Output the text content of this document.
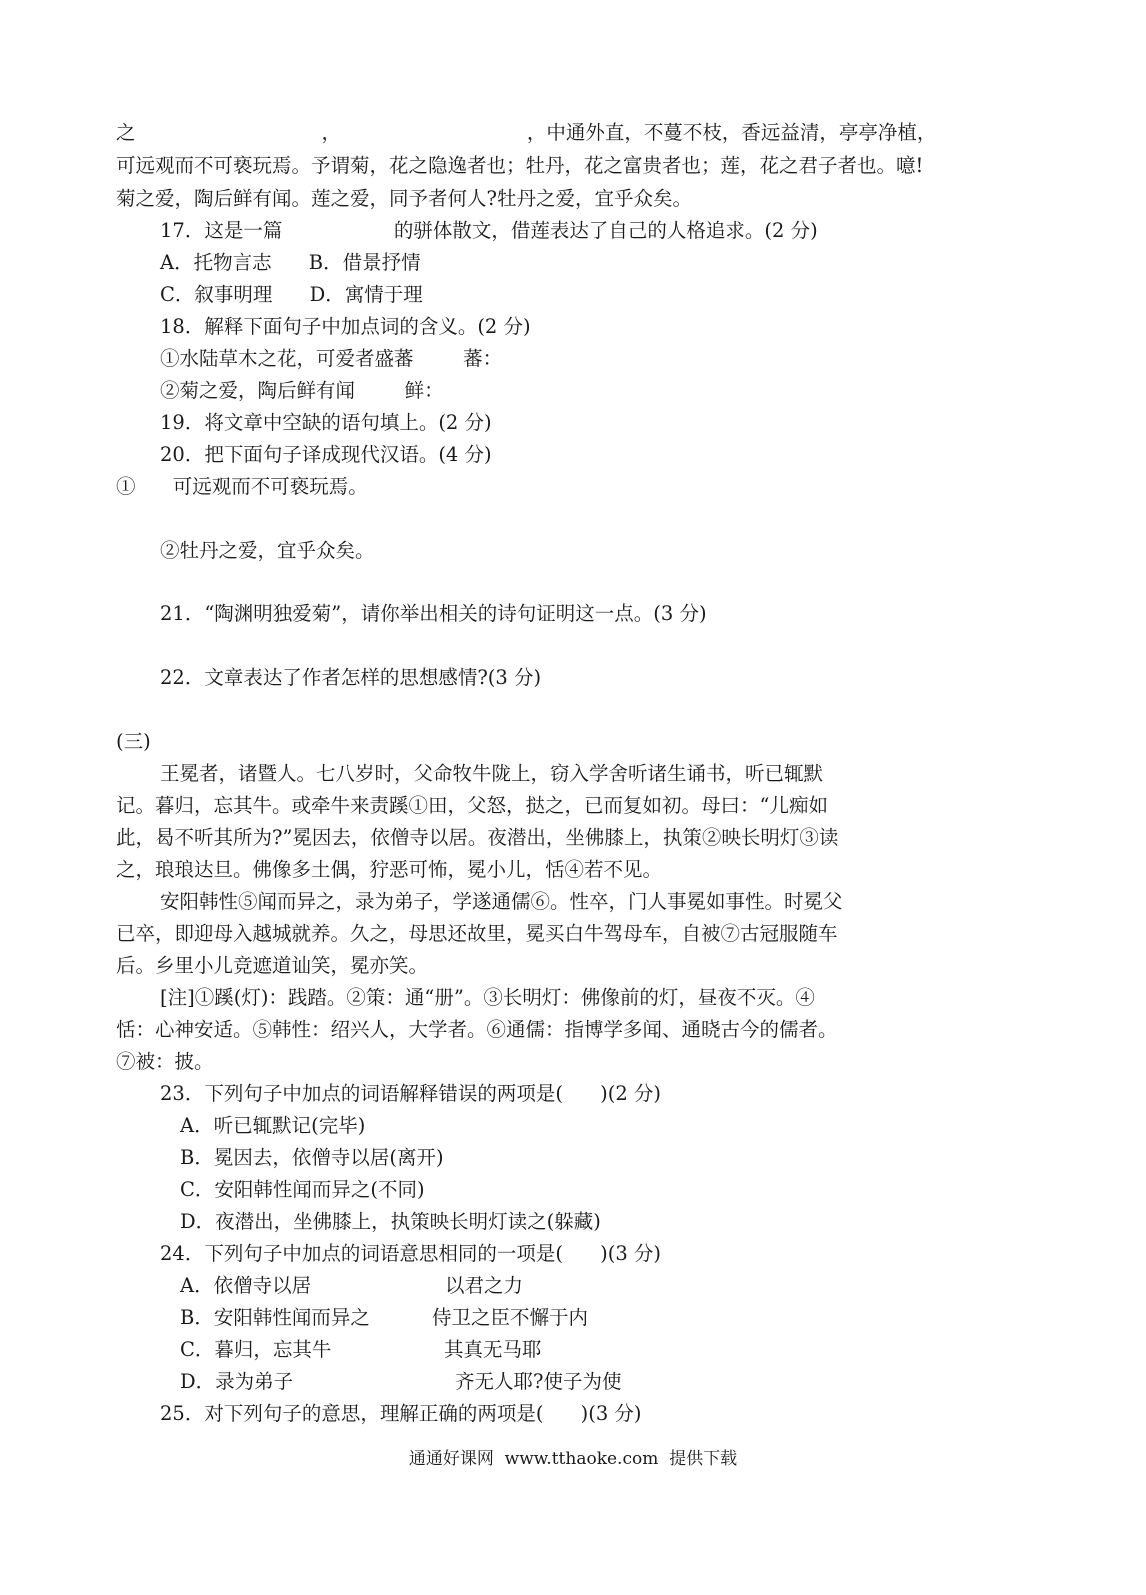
之                              ，                              ，中通外直，不蔓不枝，香远益清，亭亭净植，
可远观而不可亵玩焉。予谓菊，花之隐逸者也；牡丹，花之富贵者也；莲，花之君子者也。噫!
菊之爱，陶后鲜有闻。莲之爱，同予者何人?牡丹之爱，宜乎众矣。
17．这是一篇                  的骈体散文，借莲表达了自己的人格追求。(2 分)
A．托物言志      B．借景抒情
C．叙事明理      D．寓情于理
18．解释下面句子中加点词的含义。(2 分)
①水陆草木之花，可爱者盛蕃        蕃：
②菊之爱，陶后鲜有闻        鲜：
19．将文章中空缺的语句填上。(2 分)
20．把下面句子译成现代汉语。(4 分)
①      可远观而不可亵玩焉。
②牡丹之爱，宜乎众矣。
21．“陶渊明独爱菊”，请你举出相关的诗句证明这一点。(3 分)
22．文章表达了作者怎样的思想感情?(3 分)
(三)
王冕者，诸暨人。七八岁时，父命牧牛陇上，窃入学舍听诸生诵书，听已辄默
记。暮归，忘其牛。或牵牛来责蹊①田，父怒，挞之，已而复如初。母曰：“儿痴如
此，曷不听其所为?”冕因去，依僧寺以居。夜潜出，坐佛膝上，执策②映长明灯③读
之，琅琅达旦。佛像多土偶，狞恶可怖，冕小儿，恬④若不见。
安阳韩性⑤闻而异之，录为弟子，学遂通儒⑥。性卒，门人事冕如事性。时冕父
已卒，即迎母入越城就养。久之，母思还故里，冕买白牛驾母车，自被⑦古冠服随车
后。乡里小儿竞遮道讪笑，冕亦笑。
[注]①蹊(灯)：践踏。②策：通“册”。③长明灯：佛像前的灯，昼夜不灭。④
恬：心神安适。⑤韩性：绍兴人，大学者。⑥通儒：指博学多闻、通晓古今的儒者。
⑦被：披。
23．下列句子中加点的词语解释错误的两项是(      )(2 分)
A．听已辄默记(完毕)
B．冕因去，依僧寺以居(离开)
C．安阳韩性闻而异之(不同)
D．夜潜出，坐佛膝上，执策映长明灯读之(躲藏)
24．下列句子中加点的词语意思相同的一项是(      )(3 分)
A．依僧寺以居	以君之力
B．安阳韩性闻而异之	侍卫之臣不懈于内
C．暮归，忘其牛	其真无马耶
D．录为弟子	齐无人耶?使子为使
25．对下列句子的意思，理解正确的两项是(      )(3 分)
通通好课网  www.tthaoke.com  提供下载
